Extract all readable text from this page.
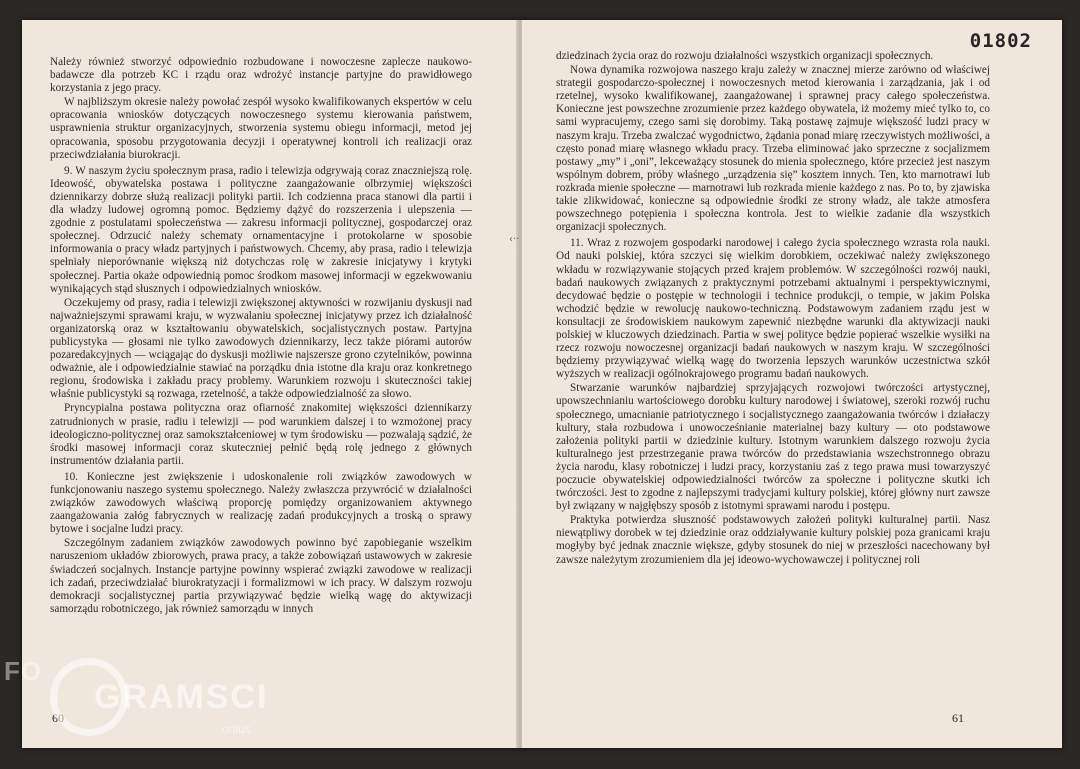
Należy również stworzyć odpowiednio rozbudowane i nowoczesne zaplecze naukowo-badawcze dla potrzeb KC i rządu oraz wdrożyć instancje partyjne do prawidłowego korzystania z jego pracy.

W najbliższym okresie należy powołać zespół wysoko kwalifikowanych ekspertów w celu opracowania wniosków dotyczących nowoczesnego systemu kierowania państwem, usprawnienia struktur organizacyjnych, stworzenia systemu obiegu informacji, metod jej opracowania, sposobu przygotowania decyzji i operatywnej kontroli ich realizacji oraz przeciwdziałania biurokracji.

9. W naszym życiu społecznym prasa, radio i telewizja odgrywają coraz znaczniejszą rolę. Ideowość, obywatelska postawa i polityczne zaangażowanie olbrzymiej większości dziennikarzy dobrze służą realizacji polityki partii. Ich codzienna praca stanowi dla partii i dla władzy ludowej ogromną pomoc. Będziemy dążyć do rozszerzenia i ulepszenia — zgodnie z postulatami społeczeństwa — zakresu informacji politycznej, gospodarczej oraz społecznej. Odrzucić należy schematy ornamentacyjne i protokolarne w sposobie informowania o pracy władz partyjnych i państwowych. Chcemy, aby prasa, radio i telewizja spełniały nieporównanie większą niż dotychczas rolę w zakresie inicjatywy i krytyki społecznej. Partia okaże odpowiednią pomoc środkom masowej informacji w egzekwowaniu wynikających stąd słusznych i odpowiedzialnych wniosków.

Oczekujemy od prasy, radia i telewizji zwiększonej aktywności w rozwijaniu dyskusji nad najważniejszymi sprawami kraju, w wyzwalaniu społecznej inicjatywy przez ich działalność organizatorską oraz w kształtowaniu obywatelskich, socjalistycznych postaw. Partyjna publicystyka — głosami nie tylko zawodowych dziennikarzy, lecz także piórami autorów pozaredakcyjnych — wciągając do dyskusji możliwie najszersze grono czytelników, powinna odważnie, ale i odpowiedzialnie stawiać na porządku dnia istotne dla kraju oraz konkretnego regionu, środowiska i zakładu pracy problemy. Warunkiem rozwoju i skuteczności takiej właśnie publicystyki są rozwaga, rzetelność, a także odpowiedzialność za słowo.

Pryncypialna postawa polityczna oraz ofiarność znakomitej większości dziennikarzy zatrudnionych w prasie, radiu i telewizji — pod warunkiem dalszej i to wzmożonej pracy ideologiczno-politycznej oraz samokształceniowej w tym środowisku — pozwalają sądzić, że środki masowej informacji coraz skuteczniej pełnić będą rolę jednego z głównych instrumentów działania partii.

10. Konieczne jest zwiększenie i udoskonalenie roli związków zawodowych w funkcjonowaniu naszego systemu społecznego. Należy zwłaszcza przywrócić w działalności związków zawodowych właściwą proporcję pomiędzy organizowaniem aktywnego zaangażowania załóg fabrycznych w realizację zadań produkcyjnych a troską o sprawy bytowe i socjalne ludzi pracy.

Szczególnym zadaniem związków zawodowych powinno być zapobieganie wszelkim naruszeniom układów zbiorowych, prawa pracy, a także zobowiązań ustawowych w zakresie świadczeń socjalnych. Instancje partyjne powinny wspierać związki zawodowe w realizacji ich zadań, przeciwdziałać biurokratyzacji i formalizmowi w ich pracy. W dalszym rozwoju demokracji socjalistycznej partia przywiązywać będzie wielką wagę do aktywizacji samorządu robotniczego, jak również samorządu w innych

60
01802

dziedzinach życia oraz do rozwoju działalności wszystkich organizacji społecznych.

Nowa dynamika rozwojowa naszego kraju zależy w znacznej mierze zarówno od właściwej strategii gospodarczo-społecznej i nowoczesnych metod kierowania i zarządzania, jak i od rzetelnej, wysoko kwalifikowanej, zaangażowanej i sprawnej pracy całego społeczeństwa. Konieczne jest powszechne zrozumienie przez każdego obywatela, iż możemy mieć tylko to, co sami wypracujemy, czego sami się dorobimy. Taką postawę zajmuje większość ludzi pracy w naszym kraju. Trzeba zwalczać wygodnictwo, żądania ponad miarę rzeczywistych możliwości, a często ponad miarę własnego wkładu pracy. Trzeba eliminować jako sprzeczne z socjalizmem postawy „my” i „oni”, lekceważący stosunek do mienia społecznego, które przecież jest naszym wspólnym dobrem, próby właśnego „urządzenia się” kosztem innych. Ten, kto marnotrawi lub rozkrada mienie społeczne — marnotrawi lub rozkrada mienie każdego z nas. Po to, by zjawiska takie zlikwidować, konieczne są odpowiednie środki ze strony władz, ale także atmosfera powszechnego potępienia i społeczna kontrola. Jest to wielkie zadanie dla wszystkich organizacji społecznych.

11. Wraz z rozwojem gospodarki narodowej i całego życia społecznego wzrasta rola nauki. Od nauki polskiej, która szczyci się wielkim dorobkiem, oczekiwać należy zwiększonego wkładu w rozwiązywanie stojących przed krajem problemów. W szczególności rozwój nauki, badań naukowych związanych z praktycznymi potrzebami aktualnymi i perspektywicznymi, decydować będzie o postępie w technologii i technice produkcji, o tempie, w jakim Polska wchodzić będzie w rewolucję naukowo-techniczną. Podstawowym zadaniem rządu jest w konsultacji ze środowiskiem naukowym zapewnić niezbędne warunki dla aktywizacji nauki polskiej w kluczowych dziedzinach. Partia w swej polityce będzie popierać wszelkie wysiłki na rzecz rozwoju nowoczesnej organizacji badań naukowych w naszym kraju. W szczególności będziemy przywiązywać wielką wagę do tworzenia lepszych warunków uczestnictwa szkół wyższych w realizacji ogólnokrajowego programu badań naukowych.

Stwarzanie warunków najbardziej sprzyjających rozwojowi twórczości artystycznej, upowszechnianiu wartościowego dorobku kultury narodowej i światowej, szeroki rozwój ruchu społecznego, umacnianie patriotycznego i socjalistycznego zaangażowania twórców i działaczy kultury, stała rozbudowa i unowocześnianie materialnej bazy kultury — oto podstawowe założenia polityki partii w dziedzinie kultury. Istotnym warunkiem dalszego rozwoju życia kulturalnego jest przestrzeganie prawa twórców do przedstawiania wszechstronnego obrazu życia narodu, klasy robotniczej i ludzi pracy, korzystaniu zaś z tego prawa musi towarzyszyć poczucie obywatelskiej odpowiedzialności twórców za społeczne i polityczne skutki ich twórczości. Jest to zgodne z najlepszymi tradycjami kultury polskiej, której główny nurt zawsze był związany w najgłębszy sposób z istotnymi sprawami narodu i postępu.

Praktyka potwierdza słuszność podstawowych założeń polityki kulturalnej partii. Nasz niewątpliwy dorobek w tej dziedzinie oraz oddziaływanie kultury polskiej poza granicami kraju mogłyby być jednak znacznie większe, gdyby stosunek do niej w przeszłości nacechowany był zawsze należytym zrozumieniem dla jej ideowo-wychowawczej i politycznej roli

61
‹··
FO
GRAMSCI
onlus
